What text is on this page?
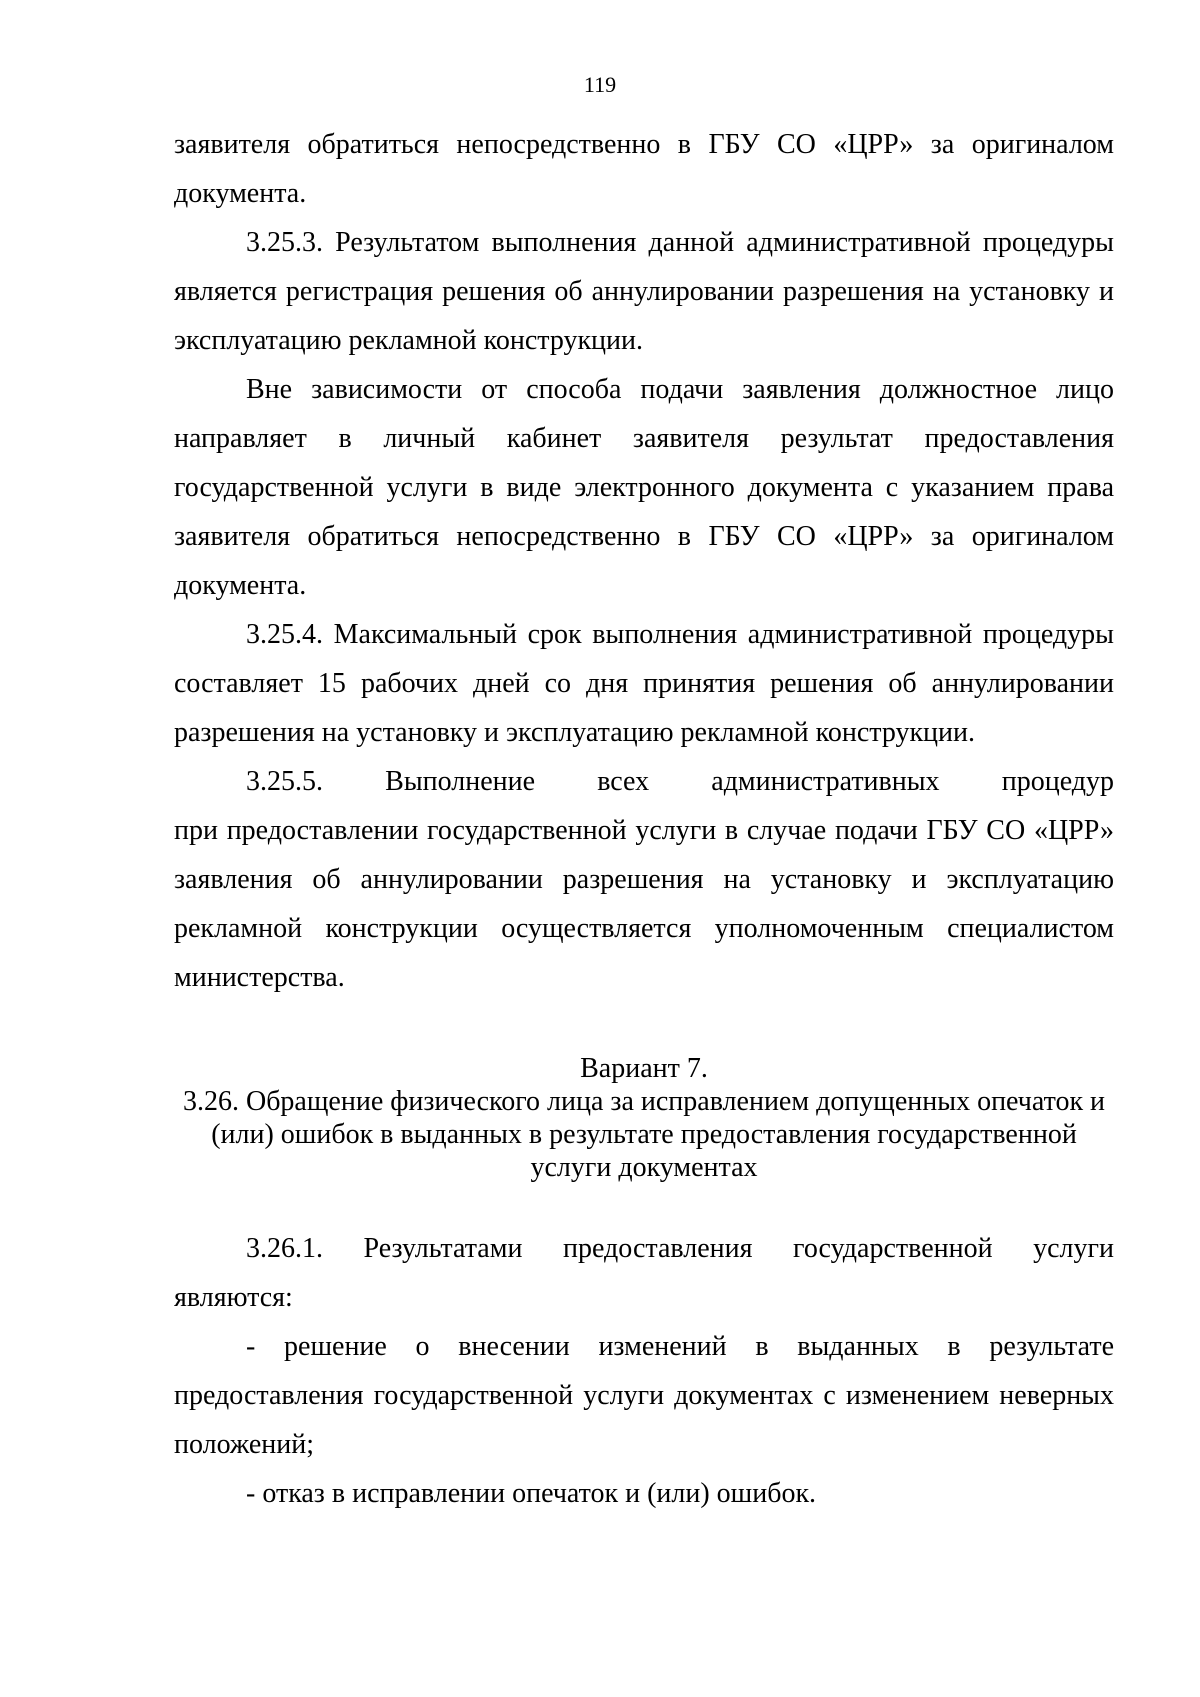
119

заявителя обратиться непосредственно в ГБУ СО «ЦРР» за оригиналом документа.

3.25.3. Результатом выполнения данной административной процедуры является регистрация решения об аннулировании разрешения на установку и эксплуатацию рекламной конструкции.

Вне зависимости от способа подачи заявления должностное лицо направляет в личный кабинет заявителя результат предоставления государственной услуги в виде электронного документа с указанием права заявителя обратиться непосредственно в ГБУ СО «ЦРР» за оригиналом документа.

3.25.4. Максимальный срок выполнения административной процедуры составляет 15 рабочих дней со дня принятия решения об аннулировании разрешения на установку и эксплуатацию рекламной конструкции.

3.25.5. Выполнение всех административных процедур

при предоставлении государственной услуги в случае подачи ГБУ СО «ЦРР» заявления об аннулировании разрешения на установку и эксплуатацию рекламной конструкции осуществляется уполномоченным специалистом министерства.

Вариант 7.

3.26. Обращение физического лица за исправлением допущенных опечаток и

(или) ошибок в выданных в результате предоставления государственной

услуги документах

3.26.1. Результатами предоставления государственной услуги

являются:

- решение о внесении изменений в выданных в результате предоставления государственной услуги документах с изменением неверных положений;

- отказ в исправлении опечаток и (или) ошибок.
